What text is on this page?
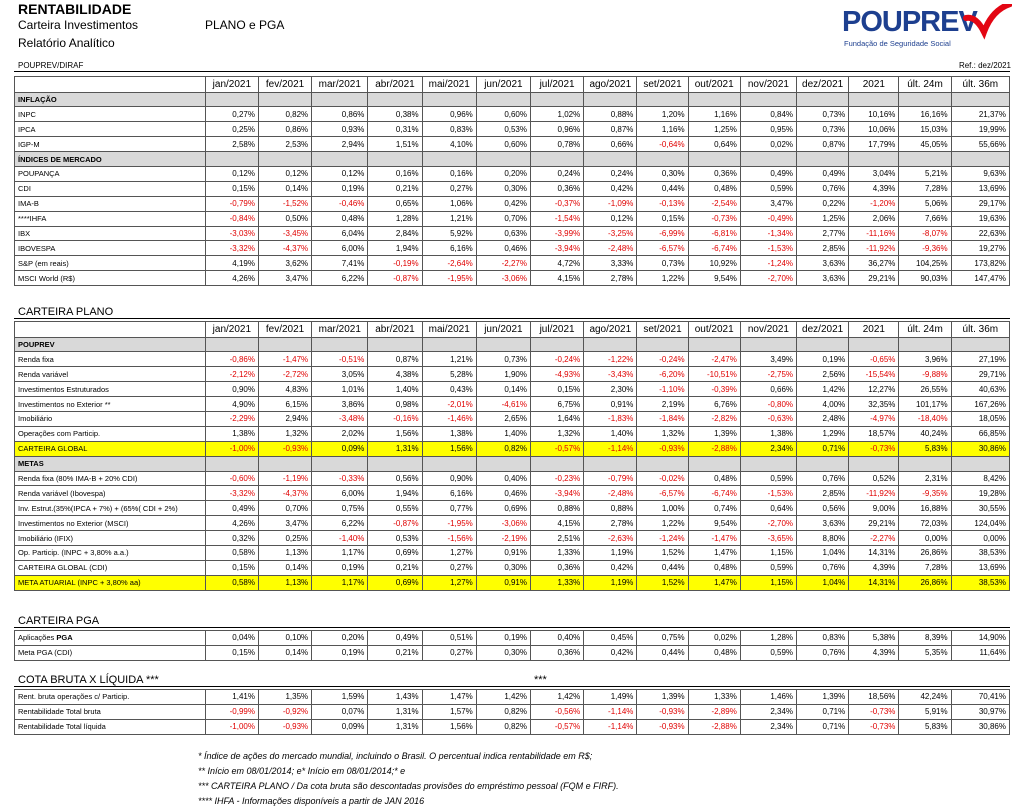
RENTABILIDADE
Carteira Investimentos	PLANO e PGA
Relatório Analítico
POUPREV
Fundação de Seguridade Social
POUPREV/DIRAF	Ref.: dez/2021
CARTEIRA PLANO
CARTEIRA PGA
COTA BRUTA X LÍQUIDA ***	***
	jan/2021	fev/2021	mar/2021	abr/2021	mai/2021	jun/2021	jul/2021	ago/2021	set/2021	out/2021	nov/2021	dez/2021	2021	últ. 24m	últ. 36m
INFLAÇÃO															
INPC	0,27%	0,82%	0,86%	0,38%	0,96%	0,60%	1,02%	0,88%	1,20%	1,16%	0,84%	0,73%	10,16%	16,16%	21,37%
IPCA	0,25%	0,86%	0,93%	0,31%	0,83%	0,53%	0,96%	0,87%	1,16%	1,25%	0,95%	0,73%	10,06%	15,03%	19,99%
IGP-M	2,58%	2,53%	2,94%	1,51%	4,10%	0,60%	0,78%	0,66%	-0,64%	0,64%	0,02%	0,87%	17,79%	45,05%	55,66%
ÍNDICES DE MERCADO															
POUPANÇA	0,12%	0,12%	0,12%	0,16%	0,16%	0,20%	0,24%	0,24%	0,30%	0,36%	0,49%	0,49%	3,04%	5,21%	9,63%
CDI	0,15%	0,14%	0,19%	0,21%	0,27%	0,30%	0,36%	0,42%	0,44%	0,48%	0,59%	0,76%	4,39%	7,28%	13,69%
IMA-B	-0,79%	-1,52%	-0,46%	0,65%	1,06%	0,42%	-0,37%	-1,09%	-0,13%	-2,54%	3,47%	0,22%	-1,20%	5,06%	29,17%
****IHFA	-0,84%	0,50%	0,48%	1,28%	1,21%	0,70%	-1,54%	0,12%	0,15%	-0,73%	-0,49%	1,25%	2,06%	7,66%	19,63%
IBX	-3,03%	-3,45%	6,04%	2,84%	5,92%	0,63%	-3,99%	-3,25%	-6,99%	-6,81%	-1,34%	2,77%	-11,16%	-8,07%	22,63%
IBOVESPA	-3,32%	-4,37%	6,00%	1,94%	6,16%	0,46%	-3,94%	-2,48%	-6,57%	-6,74%	-1,53%	2,85%	-11,92%	-9,36%	19,27%
S&P (em reais)	4,19%	3,62%	7,41%	-0,19%	-2,64%	-2,27%	4,72%	3,33%	0,73%	10,92%	-1,24%	3,63%	36,27%	104,25%	173,82%
MSCI World (R$)	4,26%	3,47%	6,22%	-0,87%	-1,95%	-3,06%	4,15%	2,78%	1,22%	9,54%	-2,70%	3,63%	29,21%	90,03%	147,47%
	jan/2021	fev/2021	mar/2021	abr/2021	mai/2021	jun/2021	jul/2021	ago/2021	set/2021	out/2021	nov/2021	dez/2021	2021	últ. 24m	últ. 36m
POUPREV															
Renda fixa	-0,86%	-1,47%	-0,51%	0,87%	1,21%	0,73%	-0,24%	-1,22%	-0,24%	-2,47%	3,49%	0,19%	-0,65%	3,96%	27,19%
Renda variável	-2,12%	-2,72%	3,05%	4,38%	5,28%	1,90%	-4,93%	-3,43%	-6,20%	-10,51%	-2,75%	2,56%	-15,54%	-9,88%	29,71%
Investimentos Estruturados	0,90%	4,83%	1,01%	1,40%	0,43%	0,14%	0,15%	2,30%	-1,10%	-0,39%	0,66%	1,42%	12,27%	26,55%	40,63%
Investimentos no Exterior **	4,90%	6,15%	3,86%	0,98%	-2,01%	-4,61%	6,75%	0,91%	2,19%	6,76%	-0,80%	4,00%	32,35%	101,17%	167,26%
Imobiliário	-2,29%	2,94%	-3,48%	-0,16%	-1,46%	2,65%	1,64%	-1,83%	-1,84%	-2,82%	-0,63%	2,48%	-4,97%	-18,40%	18,05%
Operações com Particip.	1,38%	1,32%	2,02%	1,56%	1,38%	1,40%	1,32%	1,40%	1,32%	1,39%	1,38%	1,29%	18,57%	40,24%	66,85%
CARTEIRA GLOBAL	-1,00%	-0,93%	0,09%	1,31%	1,56%	0,82%	-0,57%	-1,14%	-0,93%	-2,88%	2,34%	0,71%	-0,73%	5,83%	30,86%
METAS															
Renda fixa (80% IMA-B + 20% CDI)	-0,60%	-1,19%	-0,33%	0,56%	0,90%	0,40%	-0,23%	-0,79%	-0,02%	0,48%	0,59%	0,76%	0,52%	2,31%	8,42%
Renda variável (Ibovespa)	-3,32%	-4,37%	6,00%	1,94%	6,16%	0,46%	-3,94%	-2,48%	-6,57%	-6,74%	-1,53%	2,85%	-11,92%	-9,35%	19,28%
Inv. Estrut.(35%(IPCA + 7%) + (65%( CDI + 2%)	0,49%	0,70%	0,75%	0,55%	0,77%	0,69%	0,88%	0,88%	1,00%	0,74%	0,64%	0,56%	9,00%	16,88%	30,55%
Investimentos no Exterior (MSCI)	4,26%	3,47%	6,22%	-0,87%	-1,95%	-3,06%	4,15%	2,78%	1,22%	9,54%	-2,70%	3,63%	29,21%	72,03%	124,04%
Imobiliário (IFIX)	0,32%	0,25%	-1,40%	0,53%	-1,56%	-2,19%	2,51%	-2,63%	-1,24%	-1,47%	-3,65%	8,80%	-2,27%	0,00%	0,00%
Op. Particip. (INPC + 3,80% a.a.)	0,58%	1,13%	1,17%	0,69%	1,27%	0,91%	1,33%	1,19%	1,52%	1,47%	1,15%	1,04%	14,31%	26,86%	38,53%
CARTEIRA GLOBAL (CDI)	0,15%	0,14%	0,19%	0,21%	0,27%	0,30%	0,36%	0,42%	0,44%	0,48%	0,59%	0,76%	4,39%	7,28%	13,69%
META ATUARIAL (INPC + 3,80% aa)	0,58%	1,13%	1,17%	0,69%	1,27%	0,91%	1,33%	1,19%	1,52%	1,47%	1,15%	1,04%	14,31%	26,86%	38,53%
Aplicações PGA	0,04%	0,10%	0,20%	0,49%	0,51%	0,19%	0,40%	0,45%	0,75%	0,02%	1,28%	0,83%	5,38%	8,39%	14,90%
Meta PGA (CDI)	0,15%	0,14%	0,19%	0,21%	0,27%	0,30%	0,36%	0,42%	0,44%	0,48%	0,59%	0,76%	4,39%	5,35%	11,64%
Rent. bruta operações c/ Particip.	1,41%	1,35%	1,59%	1,43%	1,47%	1,42%	1,42%	1,49%	1,39%	1,33%	1,46%	1,39%	18,56%	42,24%	70,41%
Rentabilidade Total bruta	-0,99%	-0,92%	0,07%	1,31%	1,57%	0,82%	-0,56%	-1,14%	-0,93%	-2,89%	2,34%	0,71%	-0,73%	5,91%	30,97%
Rentabilidade Total líquida	-1,00%	-0,93%	0,09%	1,31%	1,56%	0,82%	-0,57%	-1,14%	-0,93%	-2,88%	2,34%	0,71%	-0,73%	5,83%	30,86%
* Índice de ações do mercado mundial, incluindo o Brasil. O percentual indica rentabilidade em R$;
** Início em 08/01/2014; e* Início em 08/01/2014;* e
*** CARTEIRA PLANO / Da cota bruta são descontadas provisões do empréstimo pessoal (FQM e FIRF).
**** IHFA - Informações disponíveis a partir de JAN 2016
